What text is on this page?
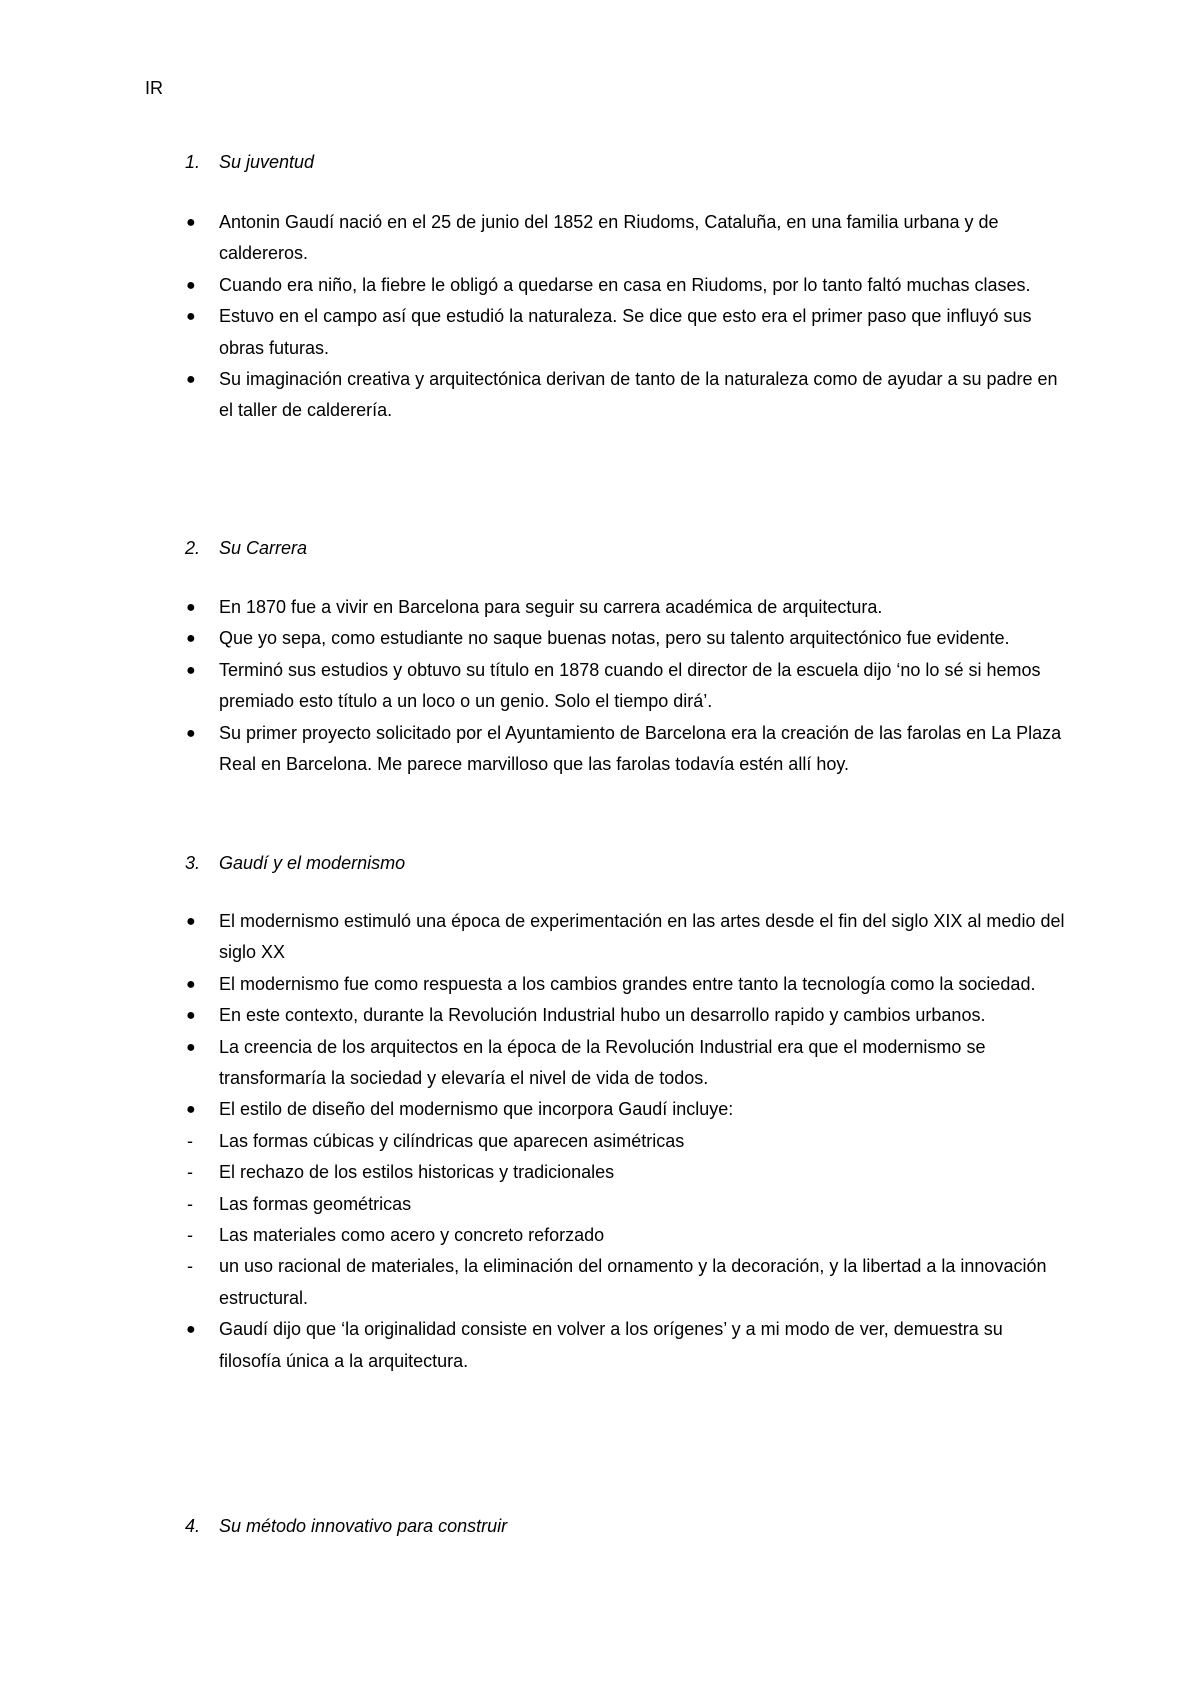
IR
1.	Su juventud
●	Antonin Gaudí nació en el 25 de junio del 1852 en Riudoms, Cataluña, en una familia urbana y de caldereros.
●	Cuando era niño, la fiebre le obligó a quedarse en casa en Riudoms, por lo tanto faltó muchas clases.
●	Estuvo en el campo así que estudió la naturaleza. Se dice que esto era el primer paso que influyó sus obras futuras.
●	Su imaginación creativa y arquitectónica derivan de tanto de la naturaleza como de ayudar a su padre en el taller de calderería.
2.	Su Carrera
●	En 1870 fue a vivir en Barcelona para seguir su carrera académica de arquitectura.
●	Que yo sepa, como estudiante no saque buenas notas, pero su talento arquitectónico fue evidente.
●	Terminó sus estudios y obtuvo su título en 1878 cuando el director de la escuela dijo ‘no lo sé si hemos premiado esto título a un loco o un genio. Solo el tiempo dirá’.
●	Su primer proyecto solicitado por el Ayuntamiento de Barcelona era la creación de las farolas en La Plaza Real en Barcelona. Me parece marvilloso que las farolas todavía estén allí hoy.
3.	Gaudí y el modernismo
●	El modernismo estimuló una época de experimentación en las artes desde el fin del siglo XIX al medio del siglo XX
●	El modernismo fue como respuesta a los cambios grandes entre tanto la tecnología como la sociedad.
●	En este contexto, durante la Revolución Industrial hubo un desarrollo rapido y cambios urbanos.
●	La creencia de los arquitectos en la época de la Revolución Industrial era que el modernismo se transformaría la sociedad y elevaría el nivel de vida de todos.
●	El estilo de diseño del modernismo que incorpora Gaudí incluye:
-	Las formas cúbicas y cilíndricas que aparecen asimétricas
-	El rechazo de los estilos historicas y tradicionales
-	Las formas geométricas
-	Las materiales como acero y concreto reforzado
-	un uso racional de materiales, la eliminación del ornamento y la decoración, y la libertad a la innovación estructural.
●	Gaudí dijo que ‘la originalidad consiste en volver a los orígenes’ y a mi modo de ver, demuestra su filosofía única a la arquitectura.
4.	Su método innovativo para construir
